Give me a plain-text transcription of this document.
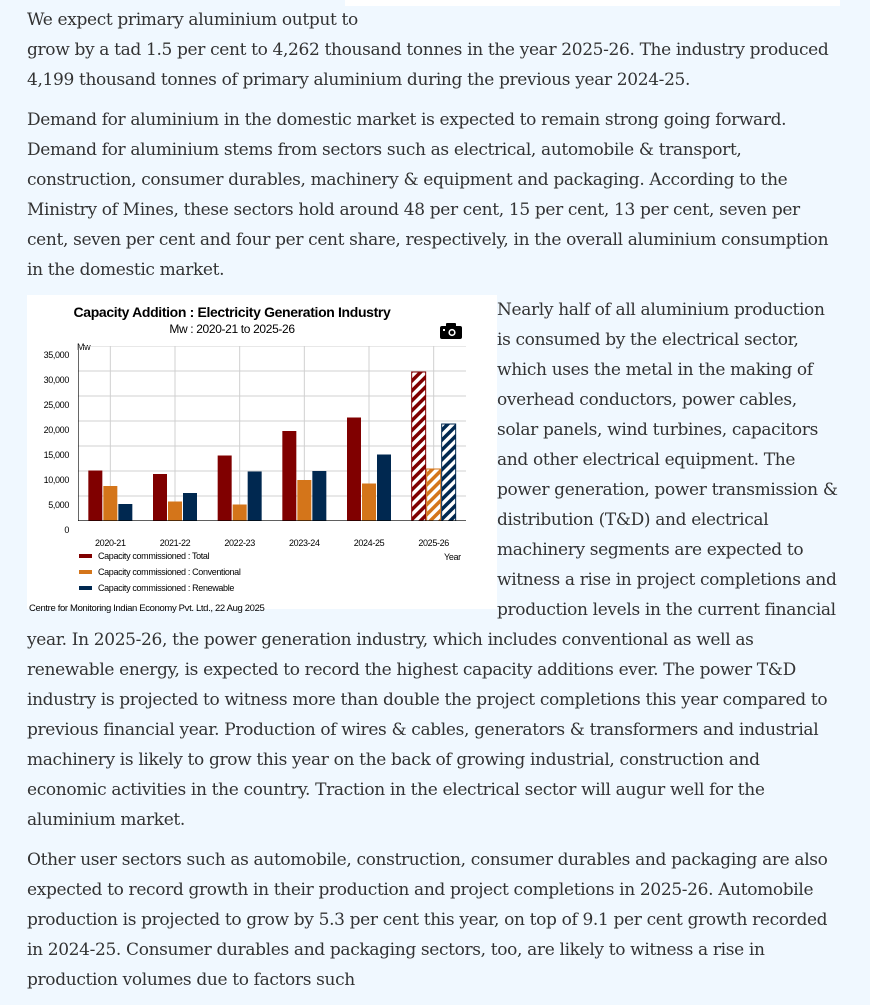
We expect primary aluminium output to
grow by a tad 1.5 per cent to 4,262 thousand tonnes in the year 2025-26. The industry produced 4,199 thousand tonnes of primary aluminium during the previous year 2024-25.

Demand for aluminium in the domestic market is expected to remain strong going forward. Demand for aluminium stems from sectors such as electrical, automobile & transport, construction, consumer durables, machinery & equipment and packaging. According to the Ministry of Mines, these sectors hold around 48 per cent, 15 per cent, 13 per cent, seven per cent, seven per cent and four per cent share, respectively, in the overall aluminium consumption in the domestic market.

Capacity Addition : Electricity Generation Industry
Mw : 2020-21 to 2025-26
Mw
35,000
30,000
25,000
20,000
15,000
10,000
5,000
0
2020-21	2021-22	2022-23	2023-24	2024-25	2025-26
Year
Capacity commissioned : Total
Capacity commissioned : Conventional
Capacity commissioned : Renewable
Centre for Monitoring Indian Economy Pvt. Ltd., 22 Aug 2025

Nearly half of all aluminium production is consumed by the electrical sector, which uses the metal in the making of overhead conductors, power cables, solar panels, wind turbines, capacitors and other electrical equipment. The power generation, power transmission & distribution (T&D) and electrical machinery segments are expected to witness a rise in project completions and production levels in the current financial year. In 2025-26, the power generation industry, which includes conventional as well as renewable energy, is expected to record the highest capacity additions ever. The power T&D industry is projected to witness more than double the project completions this year compared to previous financial year. Production of wires & cables, generators & transformers and industrial machinery is likely to grow this year on the back of growing industrial, construction and economic activities in the country. Traction in the electrical sector will augur well for the aluminium market.

Other user sectors such as automobile, construction, consumer durables and packaging are also expected to record growth in their production and project completions in 2025-26. Automobile production is projected to grow by 5.3 per cent this year, on top of 9.1 per cent growth recorded in 2024-25. Consumer durables and packaging sectors, too, are likely to witness a rise in production volumes due to factors such
